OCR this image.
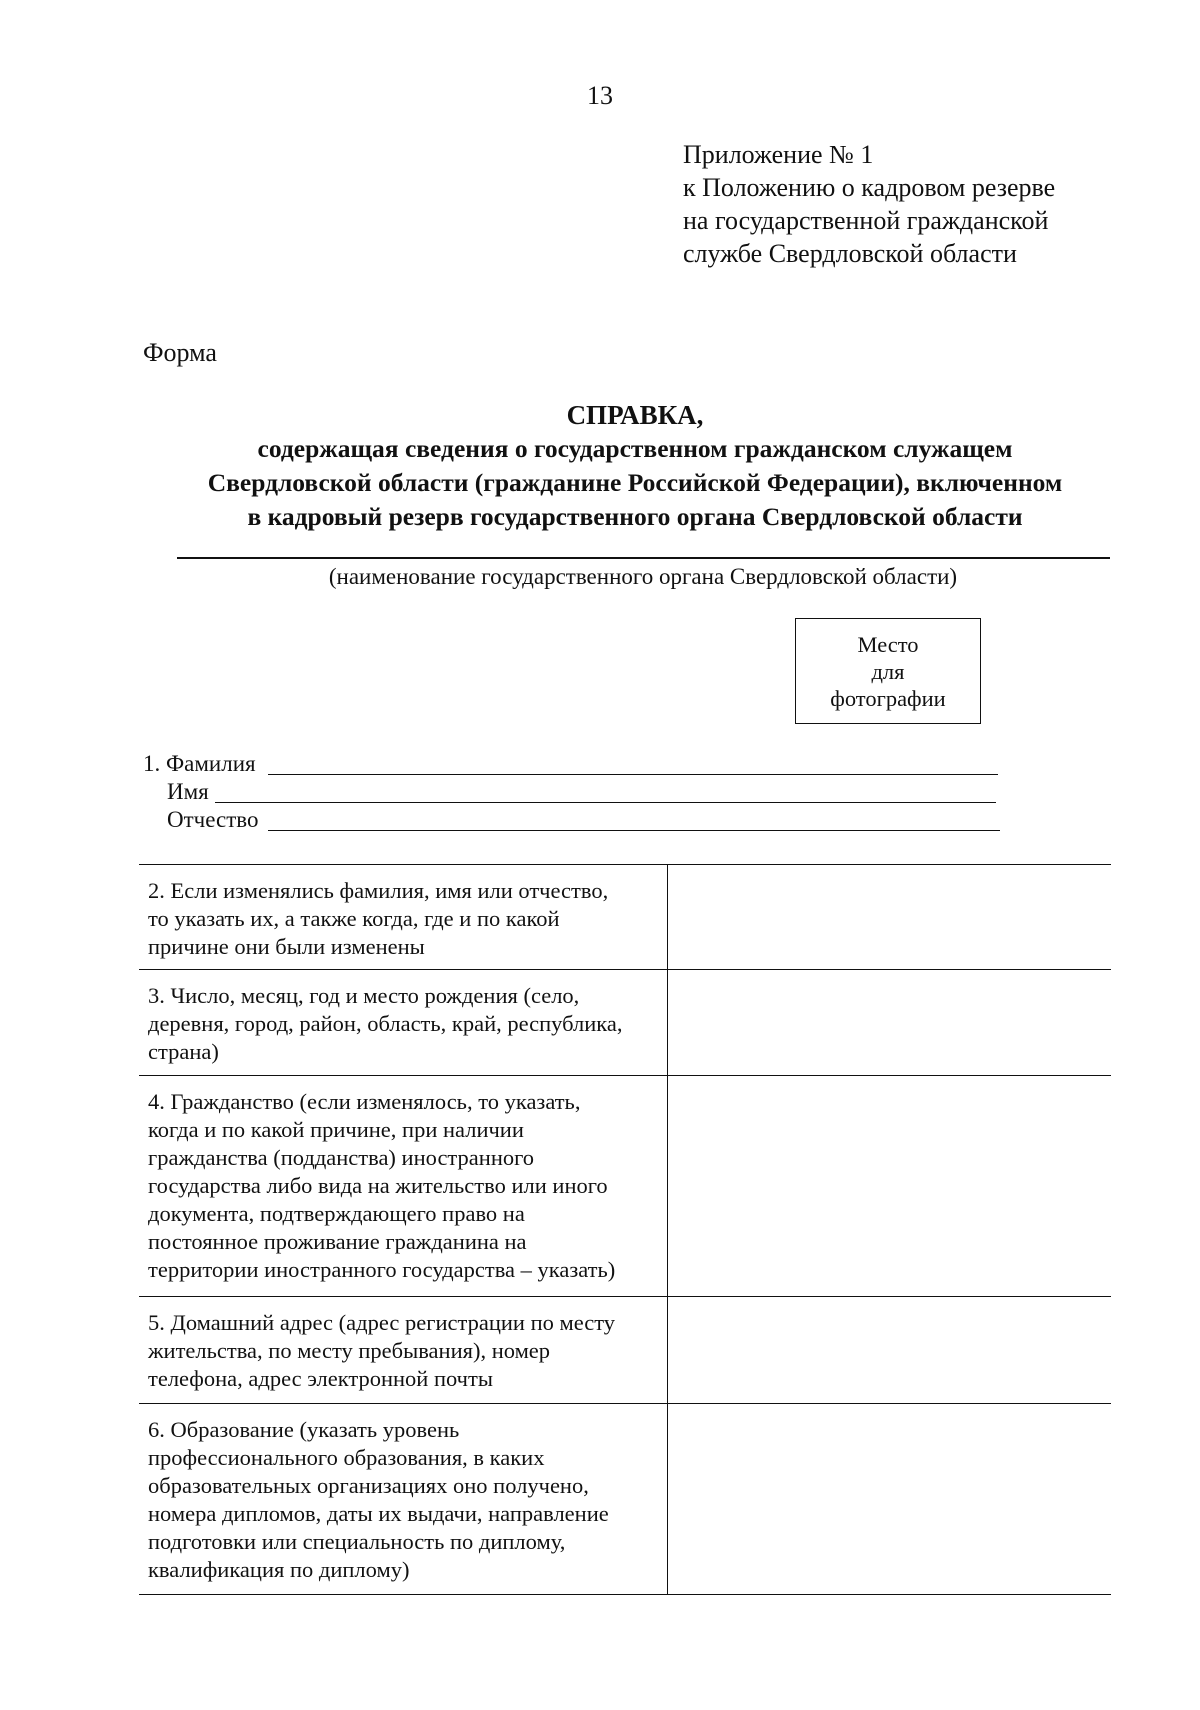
13
Приложение № 1
к Положению о кадровом резерве
на государственной гражданской
службе Свердловской области
Форма
СПРАВКА,
содержащая сведения о государственном гражданском служащем
Свердловской области (гражданине Российской Федерации), включенном
в кадровый резерв государственного органа Свердловской области
(наименование государственного органа Свердловской области)
Место
для
фотографии
1. Фамилия
Имя
Отчество
2. Если изменялись фамилия, имя или отчество,
то указать их, а также когда, где и по какой
причине они были изменены
3. Число, месяц, год и место рождения (село,
деревня, город, район, область, край, республика,
страна)
4. Гражданство (если изменялось, то указать,
когда и по какой причине, при наличии
гражданства (подданства) иностранного
государства либо вида на жительство или иного
документа, подтверждающего право на
постоянное проживание гражданина на
территории иностранного государства – указать)
5. Домашний адрес (адрес регистрации по месту
жительства, по месту пребывания), номер
телефона, адрес электронной почты
6. Образование (указать уровень
профессионального образования, в каких
образовательных организациях оно получено,
номера дипломов, даты их выдачи, направление
подготовки или специальность по диплому,
квалификация по диплому)
